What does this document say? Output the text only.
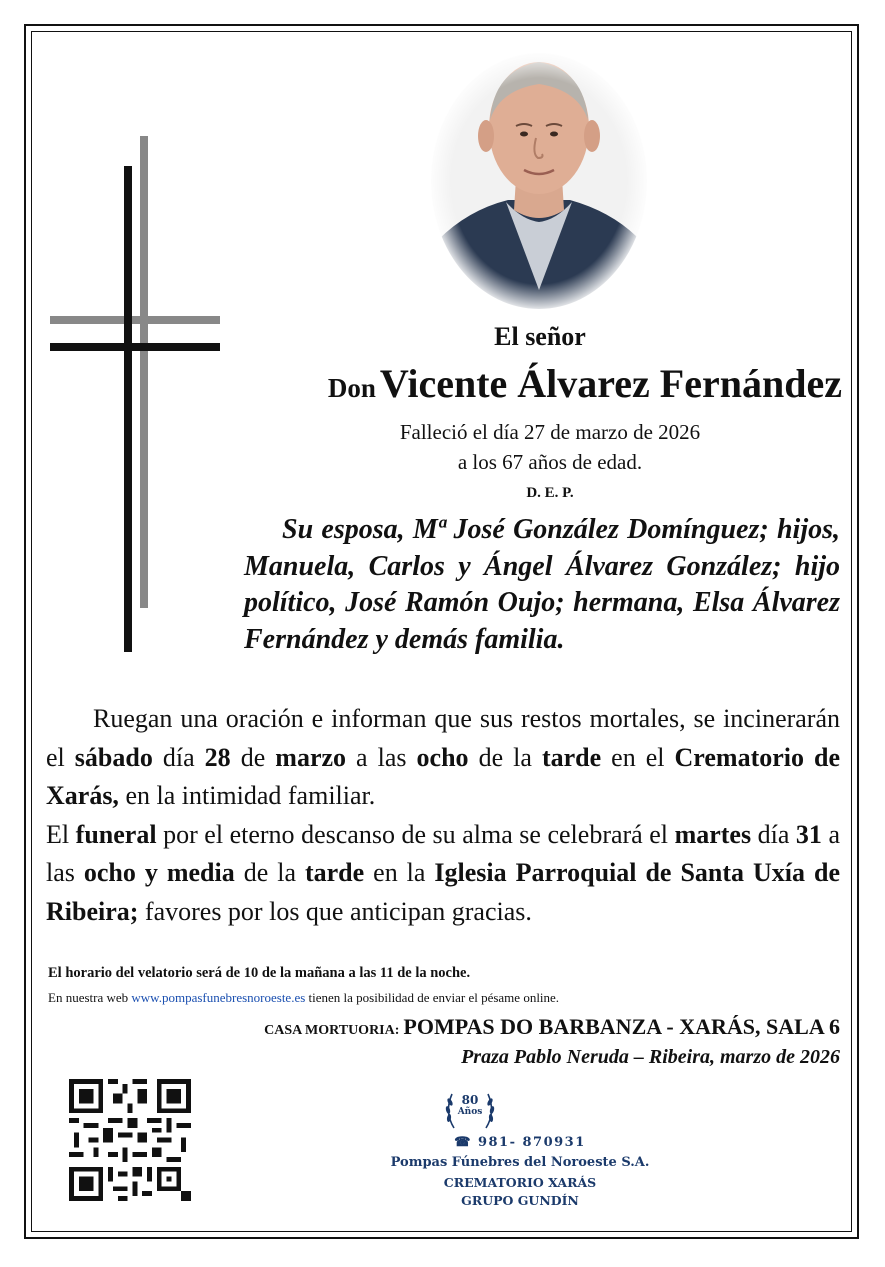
El señor
Don Vicente Álvarez Fernández
Falleció el día 27 de marzo de 2026
a los 67 años de edad.
D. E. P.
Su esposa, Mª José González Domínguez; hijos, Manuela, Carlos y Ángel Álvarez González; hijo político, José Ramón Oujo; hermana, Elsa Álvarez Fernández y demás familia.
Ruegan una oración e informan que sus restos mortales, se incinerarán el sábado día 28 de marzo a las ocho de la tarde en el Crematorio de Xarás, en la intimidad familiar.
El funeral por el eterno descanso de su alma se celebrará el martes día 31 a las ocho y media de la tarde en la Iglesia Parroquial de Santa Uxía de Ribeira; favores por los que anticipan gracias.
El horario del velatorio será de 10 de la mañana a las 11 de la noche.
En nuestra web www.pompasfunebresnoroeste.es tienen la posibilidad de enviar el pésame online.
CASA MORTUORIA: POMPAS DO BARBANZA - XARÁS, SALA 6
Praza Pablo Neruda – Ribeira, marzo de 2026
80
Años
☎ 981- 870931
Pompas Fúnebres del Noroeste S.A.
CREMATORIO XARÁS
GRUPO GUNDÍN
